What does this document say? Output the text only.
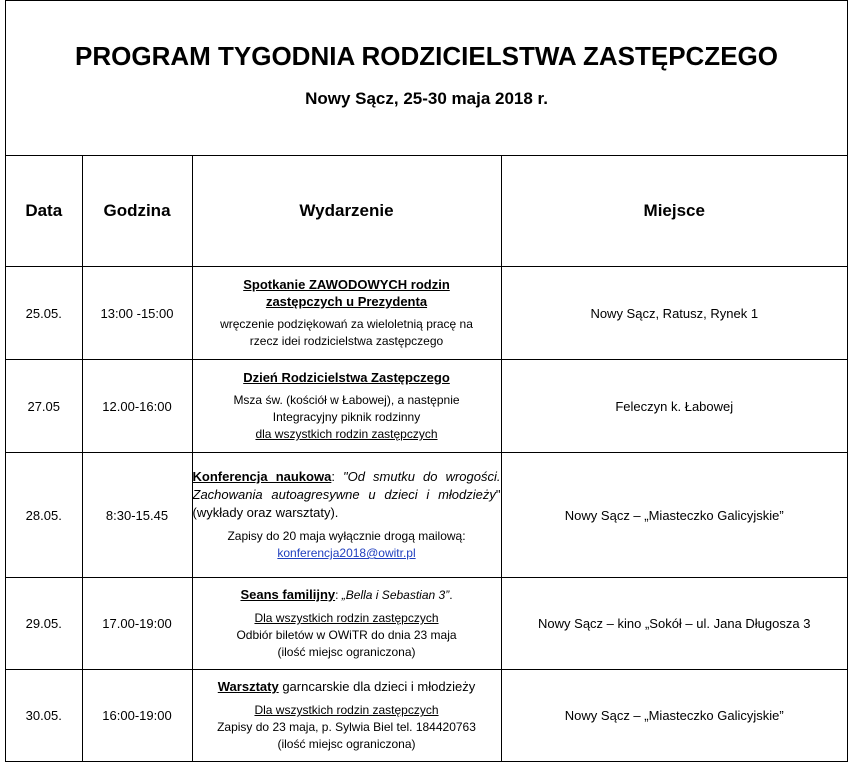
PROGRAM TYGODNIA RODZICIELSTWA ZASTĘPCZEGO
Nowy Sącz, 25-30 maja 2018 r.
Data	Godzina	Wydarzenie	Miejsce
25.05.	13:00 -15:00	Spotkanie ZAWODOWYCH rodzin
zastępczych u Prezydenta
wręczenie podziękowań za wieloletnią pracę na
rzecz idei rodzicielstwa zastępczego	Nowy Sącz, Ratusz, Rynek 1
27.05	12.00-16:00	Dzień Rodzicielstwa Zastępczego
Msza św. (kościół w Łabowej), a następnie
Integracyjny piknik rodzinny
dla wszystkich rodzin zastępczych	Feleczyn k. Łabowej
28.05.	8:30-15.45	Konferencja naukowa: "Od smutku do wrogości. Zachowania autoagresywne u dzieci i młodzieży" (wykłady oraz warsztaty).
Zapisy do 20 maja wyłącznie drogą mailową:
konferencja2018@owitr.pl	Nowy Sącz – „Miasteczko Galicyjskie”
29.05.	17.00-19:00	Seans familijny: „Bella i Sebastian 3”.
Dla wszystkich rodzin zastępczych
Odbiór biletów w OWiTR do dnia 23 maja
(ilość miejsc ograniczona)	Nowy Sącz – kino „Sokół – ul. Jana Długosza 3
30.05.	16:00-19:00	Warsztaty garncarskie dla dzieci i młodzieży
Dla wszystkich rodzin zastępczych
Zapisy do 23 maja, p. Sylwia Biel tel. 184420763
(ilość miejsc ograniczona)	Nowy Sącz – „Miasteczko Galicyjskie”
